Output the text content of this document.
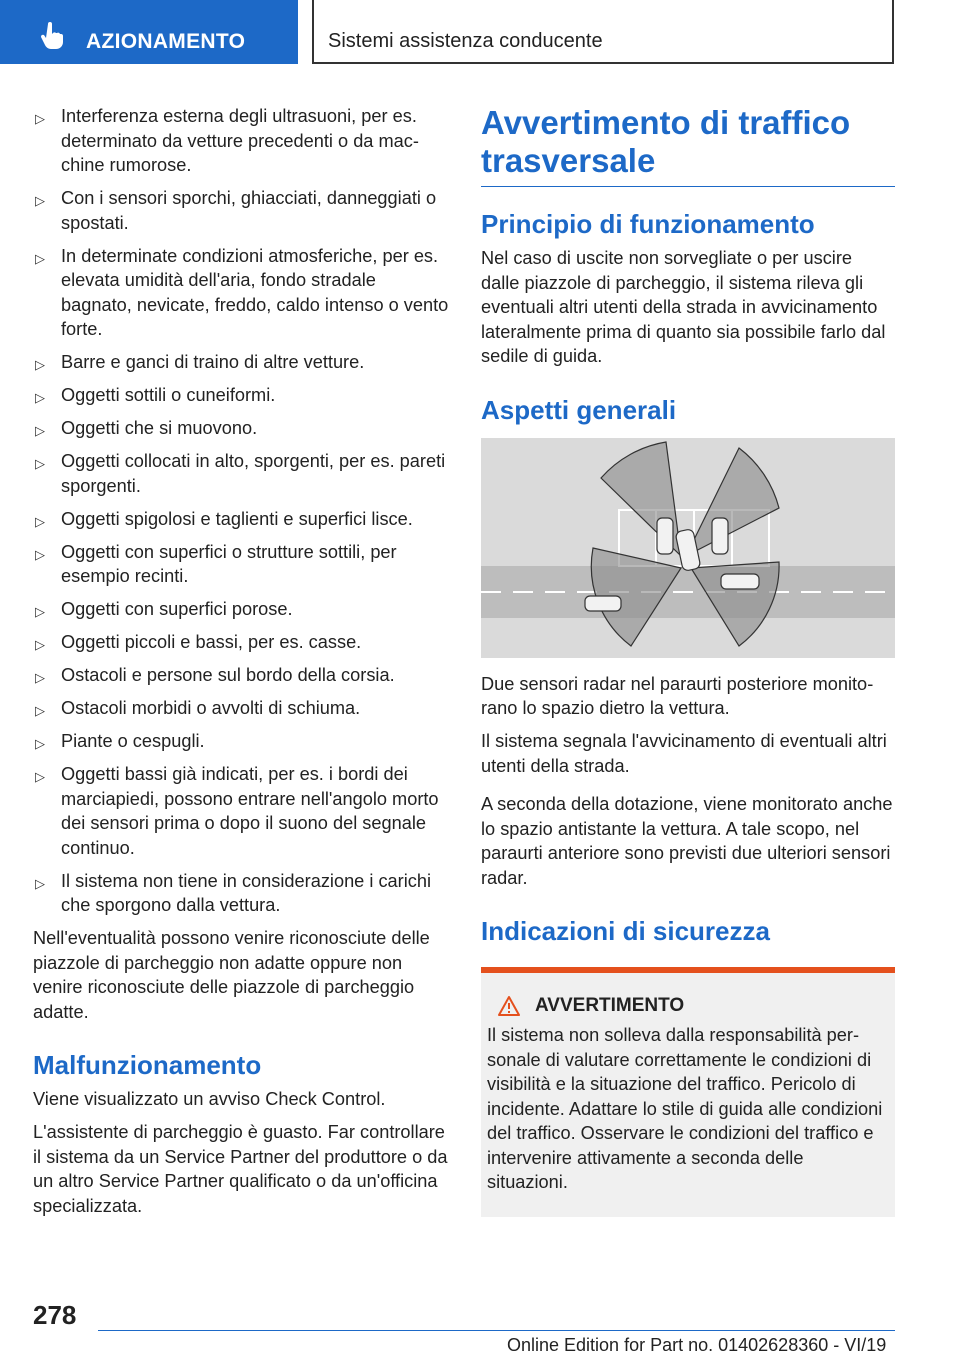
AZIONAMENTO	Sistemi assistenza conducente
▷ Interferenza esterna degli ultrasuoni, per es. determinato da vetture precedenti o da macchine rumorose.
▷ Con i sensori sporchi, ghiacciati, danneggiati o spostati.
▷ In determinate condizioni atmosferiche, per es. elevata umidità dell'aria, fondo stradale bagnato, nevicate, freddo, caldo intenso o vento forte.
▷ Barre e ganci di traino di altre vetture.
▷ Oggetti sottili o cuneiformi.
▷ Oggetti che si muovono.
▷ Oggetti collocati in alto, sporgenti, per es. pareti sporgenti.
▷ Oggetti spigolosi e taglienti e superfici lisce.
▷ Oggetti con superfici o strutture sottili, per esempio recinti.
▷ Oggetti con superfici porose.
▷ Oggetti piccoli e bassi, per es. casse.
▷ Ostacoli e persone sul bordo della corsia.
▷ Ostacoli morbidi o avvolti di schiuma.
▷ Piante o cespugli.
▷ Oggetti bassi già indicati, per es. i bordi dei marciapiedi, possono entrare nell'angolo morto dei sensori prima o dopo il suono del segnale continuo.
▷ Il sistema non tiene in considerazione i carichi che sporgono dalla vettura.

Nell'eventualità possono venire riconosciute delle piazzole di parcheggio non adatte oppure non venire riconosciute delle piazzole di parcheggio adatte.

Malfunzionamento

Viene visualizzato un avviso Check Control.

L'assistente di parcheggio è guasto. Far controllare il sistema da un Service Partner del produttore o da un altro Service Partner qualificato o da un'officina specializzata.

Avvertimento di traffico trasversale
Principio di funzionamento

Nel caso di uscite non sorvegliate o per uscire dalle piazzole di parcheggio, il sistema rileva gli eventuali altri utenti della strada in avvicinamento lateralmente prima di quanto sia possibile farlo dal sedile di guida.

Aspetti generali

Due sensori radar nel paraurti posteriore monitorano lo spazio dietro la vettura.

Il sistema segnala l'avvicinamento di eventuali altri utenti della strada.

A seconda della dotazione, viene monitorato anche lo spazio antistante la vettura. A tale scopo, nel paraurti anteriore sono previsti due ulteriori sensori radar.

Indicazioni di sicurezza
AVVERTIMENTO

Il sistema non solleva dalla responsabilità personale di valutare correttamente le condizioni di visibilità e la situazione del traffico. Pericolo di incidente. Adattare lo stile di guida alle condizioni del traffico. Osservare le condizioni del traffico e intervenire attivamente a seconda delle situazioni.

278
Online Edition for Part no. 01402628360 - VI/19
